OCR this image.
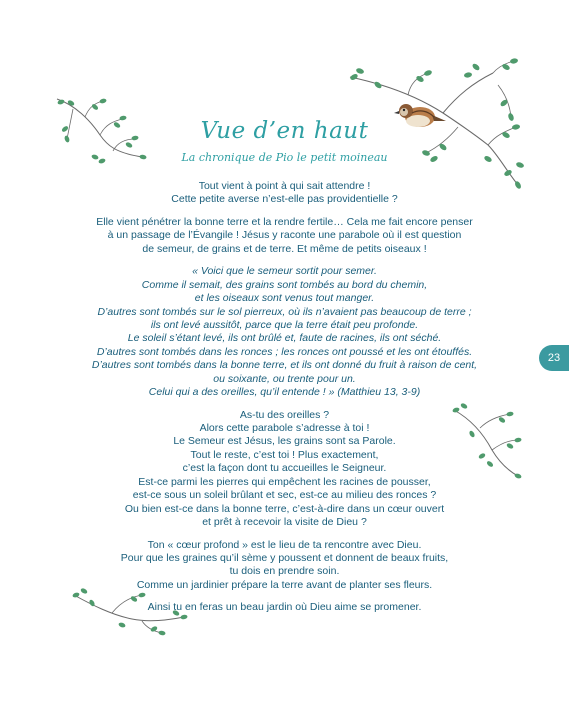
Vue d’en haut
La chronique de Pio le petit moineau
Tout vient à point à qui sait attendre !
Cette petite averse n’est-elle pas providentielle ?
Elle vient pénétrer la bonne terre et la rendre fertile… Cela me fait encore penser
à un passage de l’Évangile ! Jésus y raconte une parabole où il est question
de semeur, de grains et de terre. Et même de petits oiseaux !
« Voici que le semeur sortit pour semer.
Comme il semait, des grains sont tombés au bord du chemin,
et les oiseaux sont venus tout manger.
D’autres sont tombés sur le sol pierreux, où ils n’avaient pas beaucoup de terre ;
ils ont levé aussitôt, parce que la terre était peu profonde.
Le soleil s’étant levé, ils ont brûlé et, faute de racines, ils ont séché.
D’autres sont tombés dans les ronces ; les ronces ont poussé et les ont étouffés.
D’autres sont tombés dans la bonne terre, et ils ont donné du fruit à raison de cent,
ou soixante, ou trente pour un.
Celui qui a des oreilles, qu’il entende ! » (Matthieu 13, 3-9)
As-tu des oreilles ?
Alors cette parabole s’adresse à toi !
Le Semeur est Jésus, les grains sont sa Parole.
Tout le reste, c’est toi ! Plus exactement,
c’est la façon dont tu accueilles le Seigneur.
Est-ce parmi les pierres qui empêchent les racines de pousser,
est-ce sous un soleil brûlant et sec, est-ce au milieu des ronces ?
Ou bien est-ce dans la bonne terre, c’est-à-dire dans un cœur ouvert
et prêt à recevoir la visite de Dieu ?
Ton « cœur profond » est le lieu de ta rencontre avec Dieu.
Pour que les graines qu’il sème y poussent et donnent de beaux fruits,
tu dois en prendre soin.
Comme un jardinier prépare la terre avant de planter ses fleurs.
Ainsi tu en feras un beau jardin où Dieu aime se promener.
23
